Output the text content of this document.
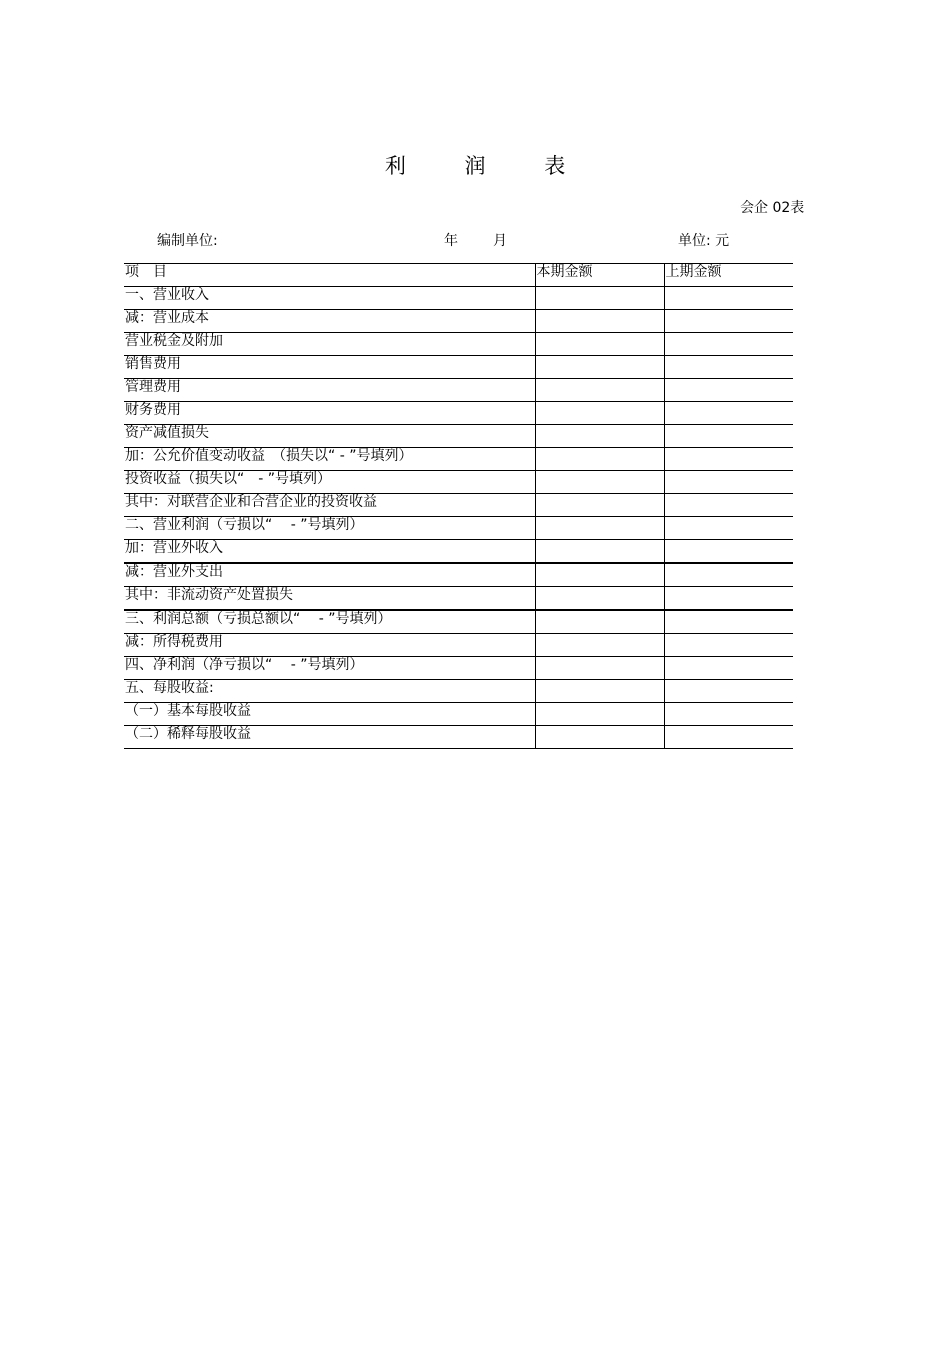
利	润	表
会企 02表
编制单位:	年	月	单位: 元
项　目	本期金额	上期金额
一、营业收入		
减：营业成本		
营业税金及附加		
销售费用		
管理费用		
财务费用		
资产减值损失		
加：公允价值变动收益　（损失以“ - ”号填列）		
投资收益（损失以“　- ”号填列）		
其中：对联营企业和合营企业的投资收益		
二、营业利润（亏损以“　 - ”号填列）		
加：营业外收入		
减：营业外支出		
其中：非流动资产处置损失		
三、利润总额（亏损总额以“　 - ”号填列）		
减：所得税费用		
四、净利润（净亏损以“　 - ”号填列）		
五、每股收益:		
（一）基本每股收益		
（二）稀释每股收益		
